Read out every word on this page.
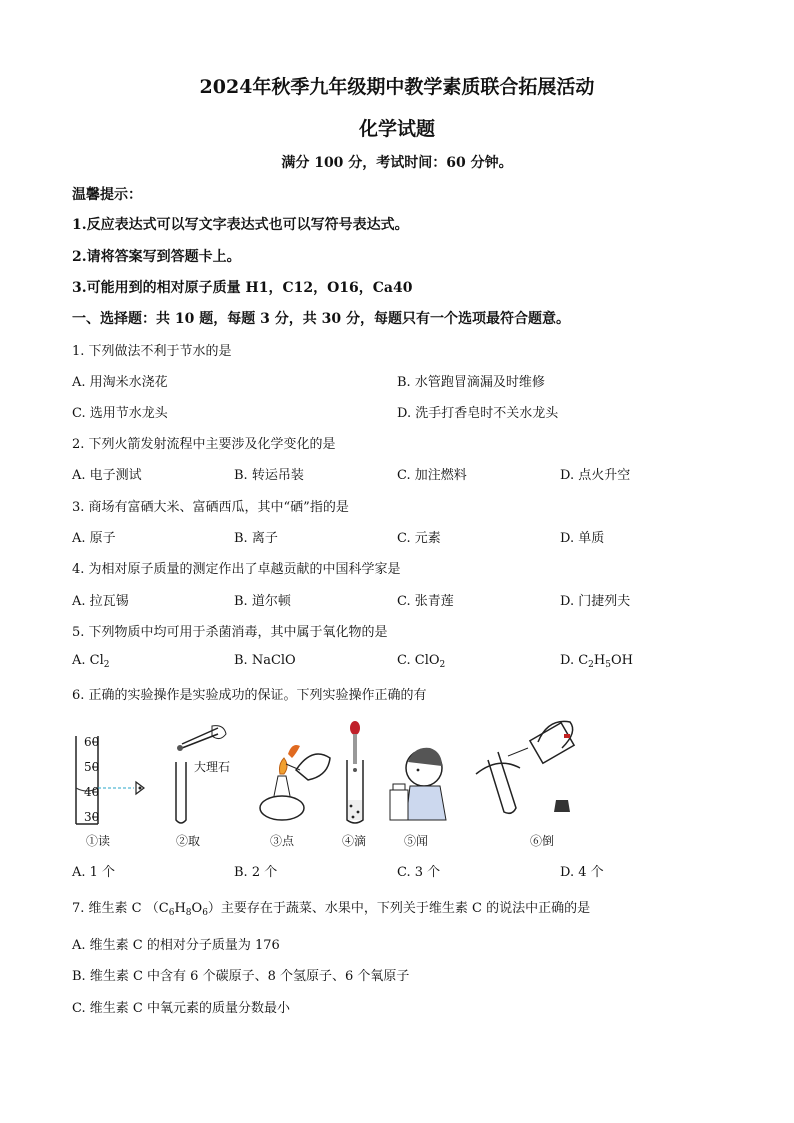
2024年秋季九年级期中教学素质联合拓展活动
化学试题
满分 100 分，考试时间：60 分钟。
温馨提示：
1.反应表达式可以写文字表达式也可以写符号表达式。
2.请将答案写到答题卡上。
3.可能用到的相对原子质量 H1，C12，O16，Ca40
一、选择题：共 10 题，每题 3 分，共 30 分，每题只有一个选项最符合题意。
1. 下列做法不利于节水的是
A. 用淘米水浇花	B. 水管跑冒滴漏及时维修
C. 选用节水龙头	D. 洗手打香皂时不关水龙头
2. 下列火箭发射流程中主要涉及化学变化的是
A. 电子测试	B. 转运吊装	C. 加注燃料	D. 点火升空
3. 商场有富硒大米、富硒西瓜，其中“硒”指的是
A. 原子	B. 离子	C. 元素	D. 单质
4. 为相对原子质量的测定作出了卓越贡献的中国科学家是
A. 拉瓦锡	B. 道尔顿	C. 张青莲	D. 门捷列夫
5. 下列物质中均可用于杀菌消毒，其中属于氧化物的是
A. $Cl_2$	B. NaClO	C. ClO$_2$	D. $C_2H_5OH$
6. 正确的实验操作是实验成功的保证。下列实验操作正确的有
60
50
40
30
大理石
①读	②取	③点	④滴	⑤闻	⑥倒
A. 1 个	B. 2 个	C. 3 个	D. 4 个
7. 维生素 C $(C_6H_8O_6)$主要存在于蔬菜、水果中，下列关于维生素 C 的说法中正确的是
A. 维生素 C 的相对分子质量为 176
B. 维生素 C 中含有 6 个碳原子、8 个氢原子、6 个氧原子
C. 维生素 C 中氧元素的质量分数最小
